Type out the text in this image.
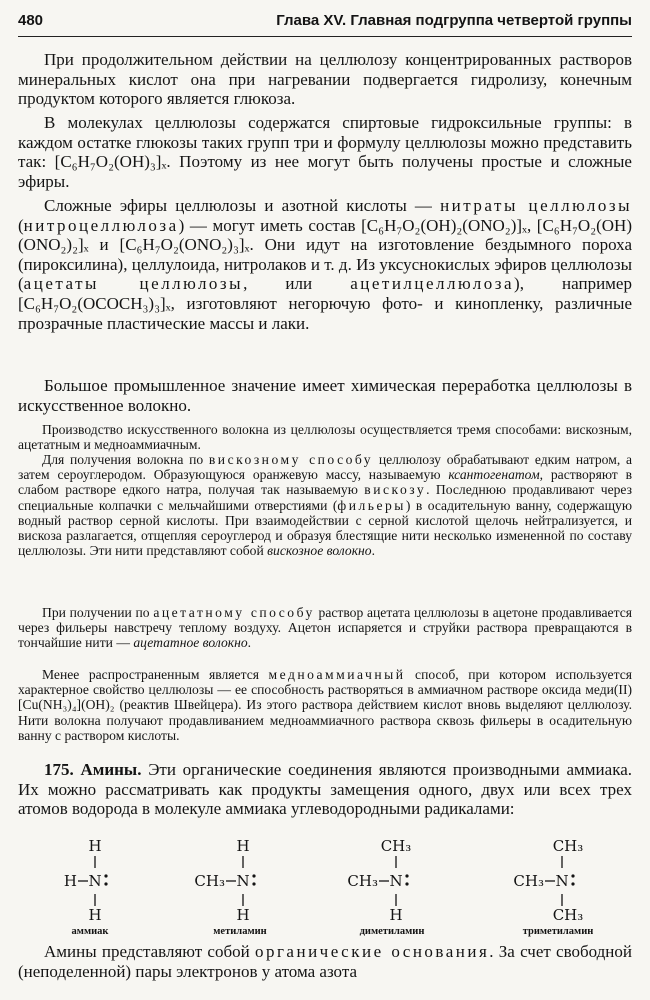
480	Глава XV. Главная подгруппа четвертой группы

При продолжительном действии на целлюлозу концентрированных растворов минеральных кислот она при нагревании подвергается гидролизу, конечным продуктом которого является глюкоза.

В молекулах целлюлозы содержатся спиртовые гидроксильные группы: в каждом остатке глюкозы таких групп три и формулу целлюлозы можно представить так: [C₆H₇O₂(OH)₃]ₓ. Поэтому из нее могут быть получены простые и сложные эфиры.

Сложные эфиры целлюлозы и азотной кислоты — нитраты целлюлозы (нитроцеллюлоза) — могут иметь состав [C₆H₇O₂(OH)₂(ONO₂)]ₓ, [C₆H₇O₂(OH)(ONO₂)₂]ₓ и [C₆H₇O₂(ONO₂)₃]ₓ. Они идут на изготовление бездымного пороха (пироксилина), целлулоида, нитролаков и т. д. Из уксуснокислых эфиров целлюлозы (ацетаты целлюлозы, или ацетилцеллюлоза), например [C₆H₇O₂(OCOCH₃)₃]ₓ, изготовляют негорючую фото- и кинопленку, различные прозрачные пластические массы и лаки.

Большое промышленное значение имеет химическая переработка целлюлозы в искусственное волокно.

Производство искусственного волокна из целлюлозы осуществляется тремя способами: вискозным, ацетатным и медноаммиачным.

Для получения волокна по вискозному способу целлюлозу обрабатывают едким натром, а затем сероуглеродом. Образующуюся оранжевую массу, называемую ксантогенатом, растворяют в слабом растворе едкого натра, получая так называемую вискозу. Последнюю продавливают через специальные колпачки с мельчайшими отверстиями (фильеры) в осадительную ванну, содержащую водный раствор серной кислоты. При взаимодействии с серной кислотой щелочь нейтрализуется, и вискоза разлагается, отщепляя сероуглерод и образуя блестящие нити несколько измененной по составу целлюлозы. Эти нити представляют собой вискозное волокно.

При получении по ацетатному способу раствор ацетата целлюлозы в ацетоне продавливается через фильеры навстречу теплому воздуху. Ацетон испаряется и струйки раствора превращаются в тончайшие нити — ацетатное волокно.

Менее распространенным является медноаммиачный способ, при котором используется характерное свойство целлюлозы — ее способность растворяться в аммиачном растворе оксида меди(II) [Cu(NH₃)₄](OH)₂ (реактив Швейцера). Из этого раствора действием кислот вновь выделяют целлюлозу. Нити волокна получают продавливанием медноаммиачного раствора сквозь фильеры в осадительную ванну с раствором кислоты.

175. Амины. Эти органические соединения являются производными аммиака. Их можно рассматривать как продукты замещения одного, двух или всех трех атомов водорода в молекуле аммиака углеводородными радикалами:

H
H N
H
H
CH₃ N
H
CH₃
CH₃ N
H
CH₃
CH₃ N
CH₃
аммиак	метиламин	диметиламин	триметиламин

Амины представляют собой органические основания. За счет свободной (неподеленной) пары электронов у атома азота
